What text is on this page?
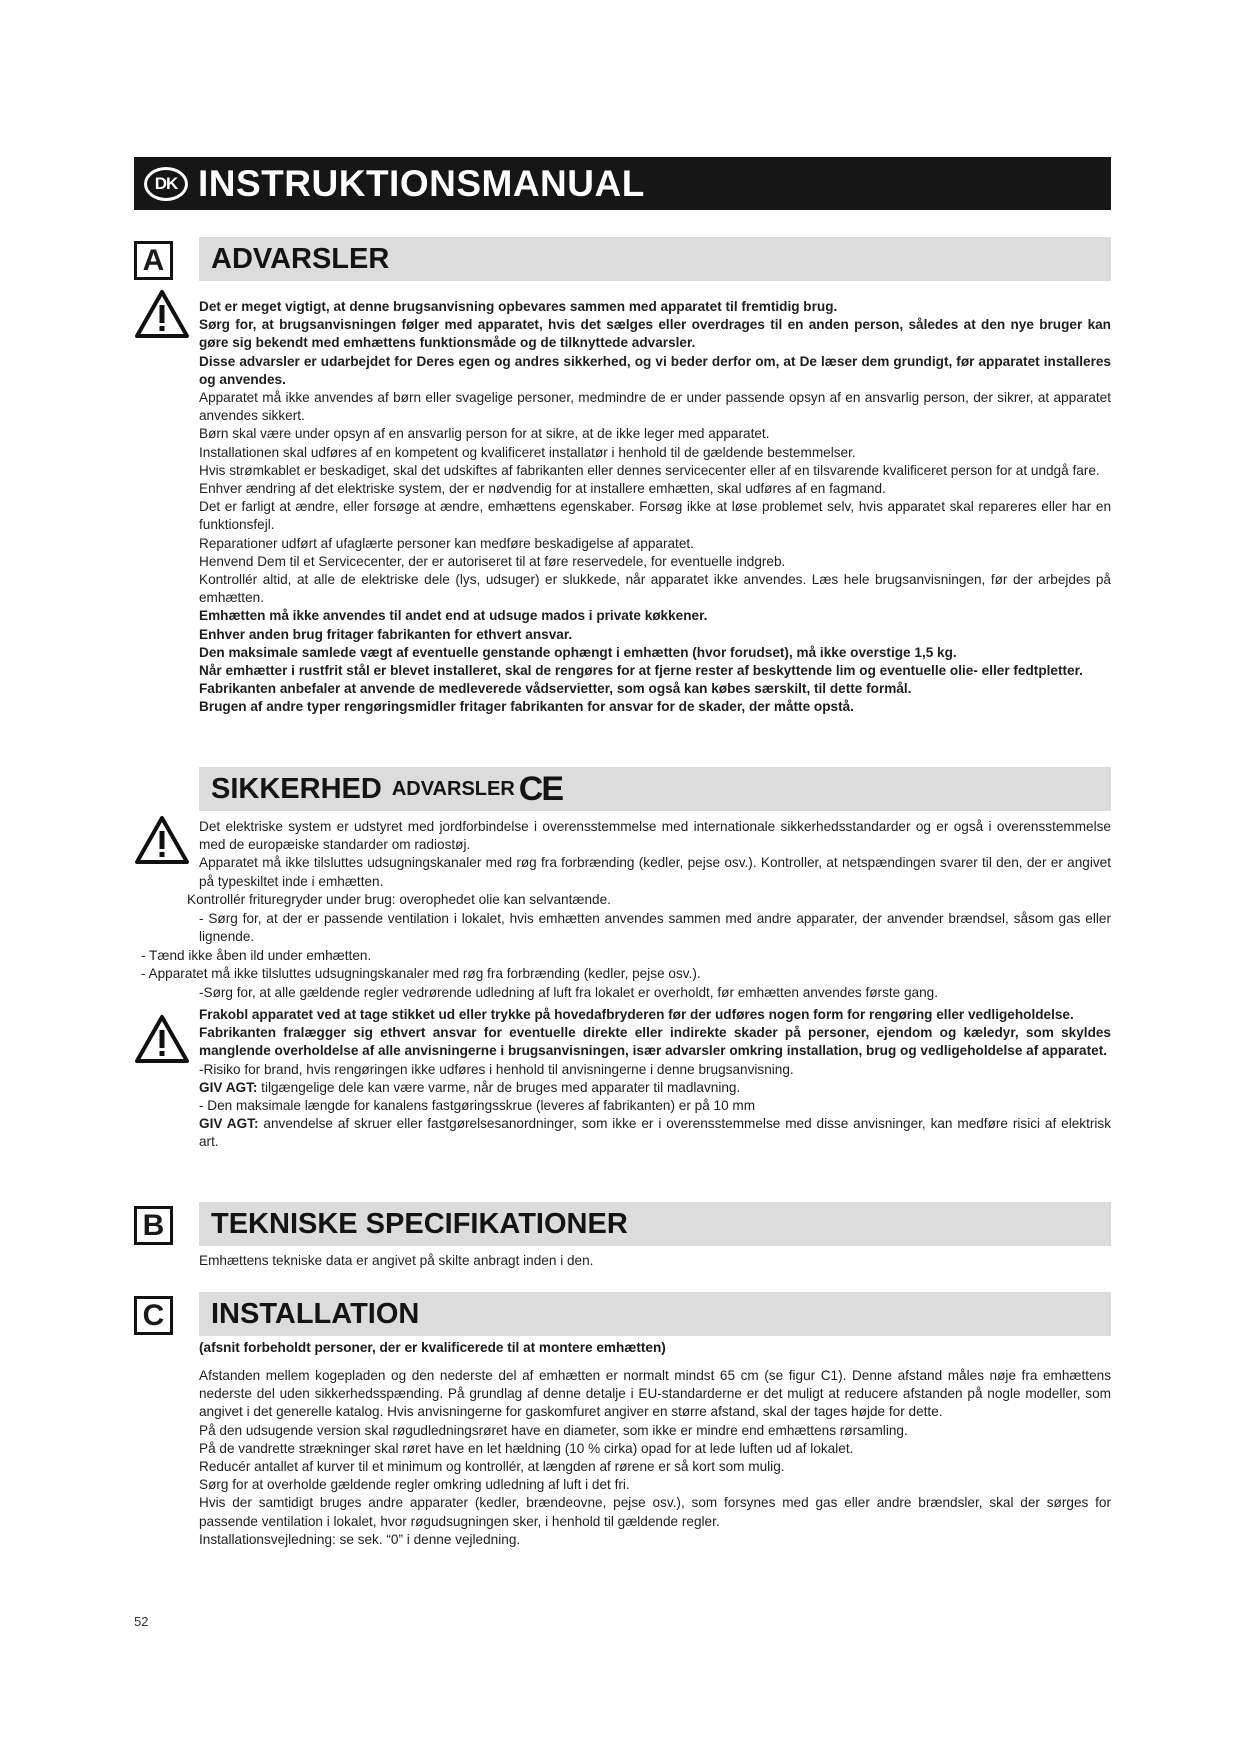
DK INSTRUKTIONSMANUAL
A ADVARSLER

Det er meget vigtigt, at denne brugsanvisning opbevares sammen med apparatet til fremtidig brug.

Sørg for, at brugsanvisningen følger med apparatet, hvis det sælges eller overdrages til en anden person, således at den nye bruger kan gøre sig bekendt med emhættens funktionsmåde og de tilknyttede advarsler.

Disse advarsler er udarbejdet for Deres egen og andres sikkerhed, og vi beder derfor om, at De læser dem grundigt, før apparatet installeres og anvendes.

Apparatet må ikke anvendes af børn eller svagelige personer, medmindre de er under passende opsyn af en ansvarlig person, der sikrer, at apparatet anvendes sikkert.

Børn skal være under opsyn af en ansvarlig person for at sikre, at de ikke leger med apparatet.

Installationen skal udføres af en kompetent og kvalificeret installatør i henhold til de gældende bestemmelser.

Hvis strømkablet er beskadiget, skal det udskiftes af fabrikanten eller dennes servicecenter eller af en tilsvarende kvalificeret person for at undgå fare.

Enhver ændring af det elektriske system, der er nødvendig for at installere emhætten, skal udføres af en fagmand.

Det er farligt at ændre, eller forsøge at ændre, emhættens egenskaber. Forsøg ikke at løse problemet selv, hvis apparatet skal repareres eller har en funktionsfejl.

Reparationer udført af ufaglærte personer kan medføre beskadigelse af apparatet.

Henvend Dem til et Servicecenter, der er autoriseret til at føre reservedele, for eventuelle indgreb.

Kontrollér altid, at alle de elektriske dele (lys, udsuger) er slukkede, når apparatet ikke anvendes. Læs hele brugsanvisningen, før der arbejdes på emhætten.

Emhætten må ikke anvendes til andet end at udsuge mados i private køkkener.

Enhver anden brug fritager fabrikanten for ethvert ansvar.

Den maksimale samlede vægt af eventuelle genstande ophængt i emhætten (hvor forudset), må ikke overstige 1,5 kg.

Når emhætter i rustfrit stål er blevet installeret, skal de rengøres for at fjerne rester af beskyttende lim og eventuelle olie- eller fedtpletter.

Fabrikanten anbefaler at anvende de medleverede vådservietter, som også kan købes særskilt, til dette formål.

Brugen af andre typer rengøringsmidler fritager fabrikanten for ansvar for de skader, der måtte opstå.

SIKKERHED ADVARSLER CE

Det elektriske system er udstyret med jordforbindelse i overensstemmelse med internationale sikkerhedsstandarder og er også i overensstemmelse med de europæiske standarder om radiostøj.

Apparatet må ikke tilsluttes udsugningskanaler med røg fra forbrænding (kedler, pejse osv.). Kontroller, at netspændingen svarer til den, der er angivet på typeskiltet inde i emhætten.

Kontrollér frituregryder under brug: overophedet olie kan selvantænde.

- Sørg for, at der er passende ventilation i lokalet, hvis emhætten anvendes sammen med andre apparater, der anvender brændsel, såsom gas eller lignende.

- Tænd ikke åben ild under emhætten.

- Apparatet må ikke tilsluttes udsugningskanaler med røg fra forbrænding (kedler, pejse osv.).

-Sørg for, at alle gældende regler vedrørende udledning af luft fra lokalet er overholdt, før emhætten anvendes første gang.

Frakobl apparatet ved at tage stikket ud eller trykke på hovedafbryderen før der udføres nogen form for rengøring eller vedligeholdelse.

Fabrikanten fralægger sig ethvert ansvar for eventuelle direkte eller indirekte skader på personer, ejendom og kæledyr, som skyldes manglende overholdelse af alle anvisningerne i brugsanvisningen, især advarsler omkring installation, brug og vedligeholdelse af apparatet.

-Risiko for brand, hvis rengøringen ikke udføres i henhold til anvisningerne i denne brugsanvisning.

GIV AGT: tilgængelige dele kan være varme, når de bruges med apparater til madlavning.

- Den maksimale længde for kanalens fastgøringsskrue (leveres af fabrikanten) er på 10 mm

GIV AGT: anvendelse af skruer eller fastgørelsesanordninger, som ikke er i overensstemmelse med disse anvisninger, kan medføre risici af elektrisk art.

B TEKNISKE SPECIFIKATIONER

Emhættens tekniske data er angivet på skilte anbragt inden i den.

C INSTALLATION
(afsnit forbeholdt personer, der er kvalificerede til at montere emhætten)

Afstanden mellem kogepladen og den nederste del af emhætten er normalt mindst 65 cm (se figur C1). Denne afstand måles nøje fra emhættens nederste del uden sikkerhedsspænding. På grundlag af denne detalje i EU-standarderne er det muligt at reducere afstanden på nogle modeller, som angivet i det generelle katalog. Hvis anvisningerne for gaskomfuret angiver en større afstand, skal der tages højde for dette.

På den udsugende version skal røgudledningsrøret have en diameter, som ikke er mindre end emhættens rørsamling.

På de vandrette strækninger skal røret have en let hældning (10 % cirka) opad for at lede luften ud af lokalet.

Reducér antallet af kurver til et minimum og kontrollér, at længden af rørene er så kort som mulig.

Sørg for at overholde gældende regler omkring udledning af luft i det fri.

Hvis der samtidigt bruges andre apparater (kedler, brændeovne, pejse osv.), som forsynes med gas eller andre brændsler, skal der sørges for passende ventilation i lokalet, hvor røgudsugningen sker, i henhold til gældende regler.

Installationsvejledning: se sek. “0” i denne vejledning.

52
